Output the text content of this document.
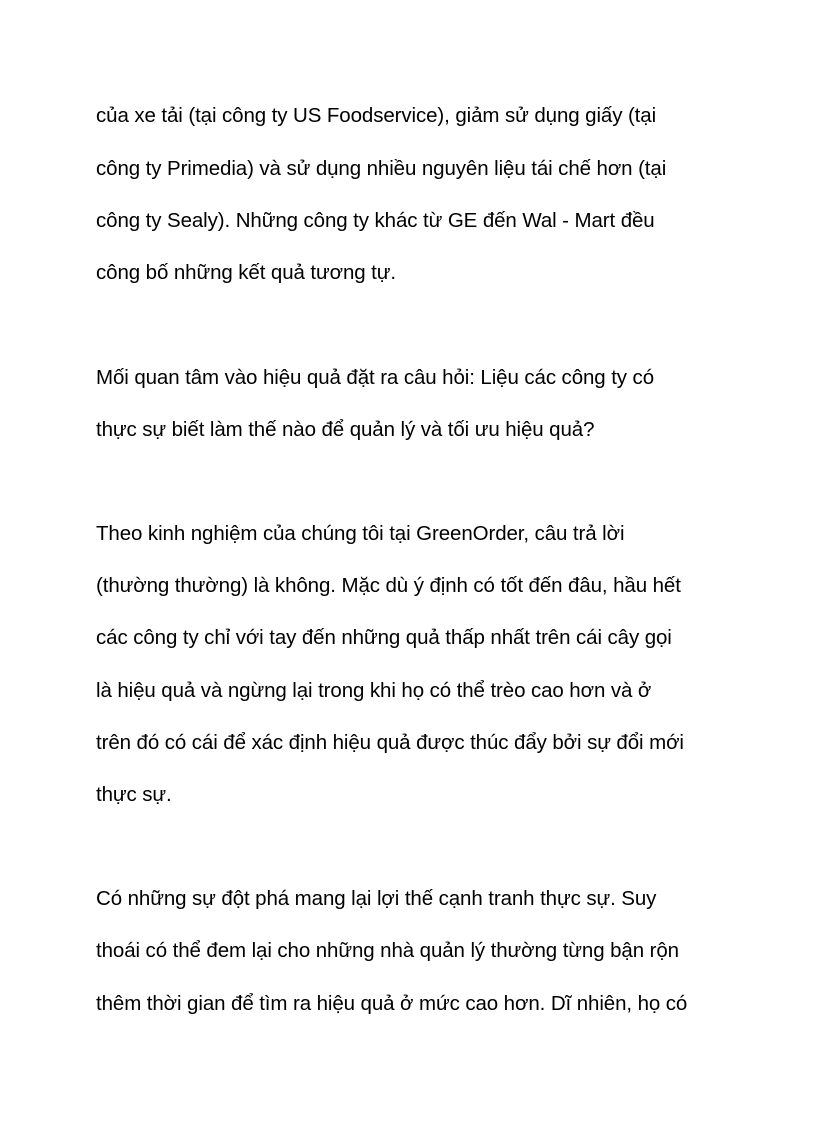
của xe tải (tại công ty US Foodservice), giảm sử dụng giấy (tại
công ty Primedia) và sử dụng nhiều nguyên liệu tái chế hơn (tại
công ty Sealy). Những công ty khác từ GE đến Wal - Mart đều
công bố những kết quả tương tự.
Mối quan tâm vào hiệu quả đặt ra câu hỏi: Liệu các công ty có
thực sự biết làm thế nào để quản lý và tối ưu hiệu quả?
Theo kinh nghiệm của chúng tôi tại GreenOrder, câu trả lời
(thường thường) là không. Mặc dù ý định có tốt đến đâu, hầu hết
các công ty chỉ với tay đến những quả thấp nhất trên cái cây gọi
là hiệu quả và ngừng lại trong khi họ có thể trèo cao hơn và ở
trên đó có cái để xác định hiệu quả được thúc đẩy bởi sự đổi mới
thực sự.
Có những sự đột phá mang lại lợi thế cạnh tranh thực sự. Suy
thoái có thể đem lại cho những nhà quản lý thường từng bận rộn
thêm thời gian để tìm ra hiệu quả ở mức cao hơn. Dĩ nhiên, họ có
